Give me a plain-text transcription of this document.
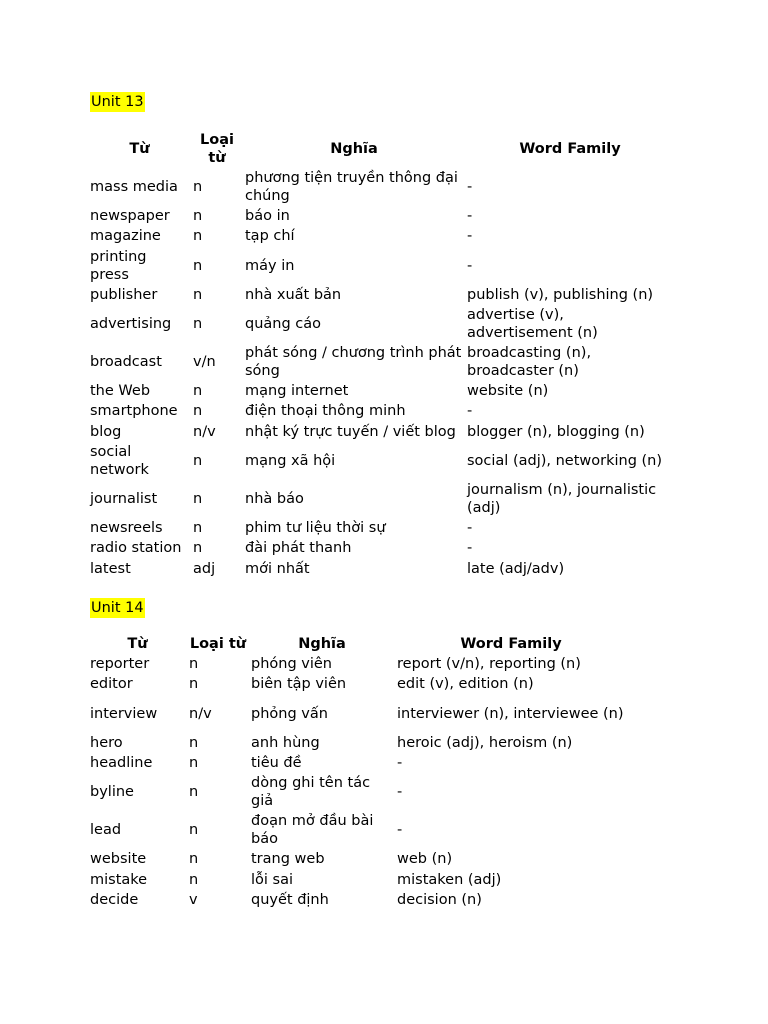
Unit 13
Từ	Loại từ	Nghĩa	Word Family
mass media	n	phương tiện truyền thông đại chúng	-
newspaper	n	báo in	-
magazine	n	tạp chí	-
printing press	n	máy in	-
publisher	n	nhà xuất bản	publish (v), publishing (n)
advertising	n	quảng cáo	advertise (v), advertisement (n)
broadcast	v/n	phát sóng / chương trình phát sóng	broadcasting (n), broadcaster (n)
the Web	n	mạng internet	website (n)
smartphone	n	điện thoại thông minh	-
blog	n/v	nhật ký trực tuyến / viết blog	blogger (n), blogging (n)
social network	n	mạng xã hội	social (adj), networking (n)
journalist	n	nhà báo	journalism (n), journalistic (adj)
newsreels	n	phim tư liệu thời sự	-
radio station	n	đài phát thanh	-
latest	adj	mới nhất	late (adj/adv)
Unit 14
Từ	Loại từ	Nghĩa	Word Family
reporter	n	phóng viên	report (v/n), reporting (n)
editor	n	biên tập viên	edit (v), edition (n)
interview	n/v	phỏng vấn	interviewer (n), interviewee (n)
hero	n	anh hùng	heroic (adj), heroism (n)
headline	n	tiêu đề	-
byline	n	dòng ghi tên tác giả	-
lead	n	đoạn mở đầu bài báo	-
website	n	trang web	web (n)
mistake	n	lỗi sai	mistaken (adj)
decide	v	quyết định	decision (n)
